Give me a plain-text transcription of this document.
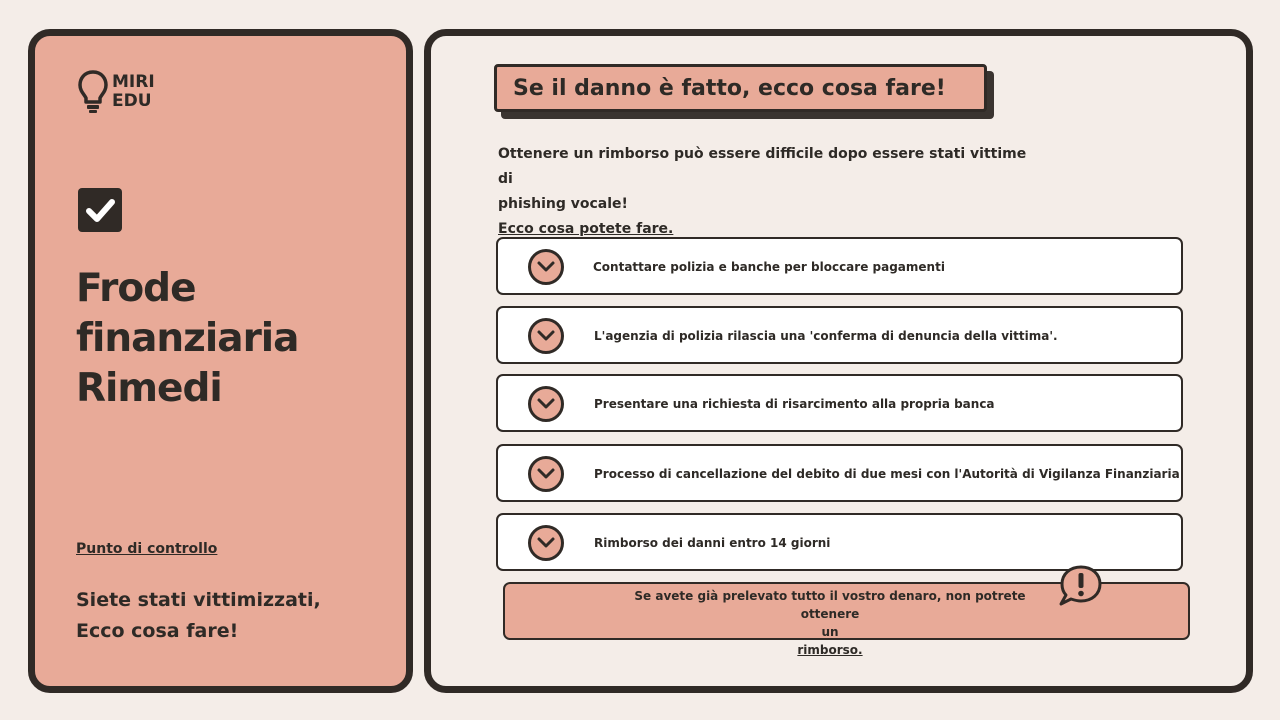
MIRI
EDU
Frode finanziaria
Rimedi
Punto di controllo
Siete stati vittimizzati,
Ecco cosa fare!
Se il danno è fatto, ecco cosa fare!
Ottenere un rimborso può essere difficile dopo essere stati vittime di
phishing vocale!
Ecco cosa potete fare.
Contattare polizia e banche per bloccare pagamenti
L'agenzia di polizia rilascia una 'conferma di denuncia della vittima'.
Presentare una richiesta di risarcimento alla propria banca
Processo di cancellazione del debito di due mesi con l'Autorità di Vigilanza Finanziaria
Rimborso dei danni entro 14 giorni
Se avete già prelevato tutto il vostro denaro, non potrete ottenere
un
rimborso.
